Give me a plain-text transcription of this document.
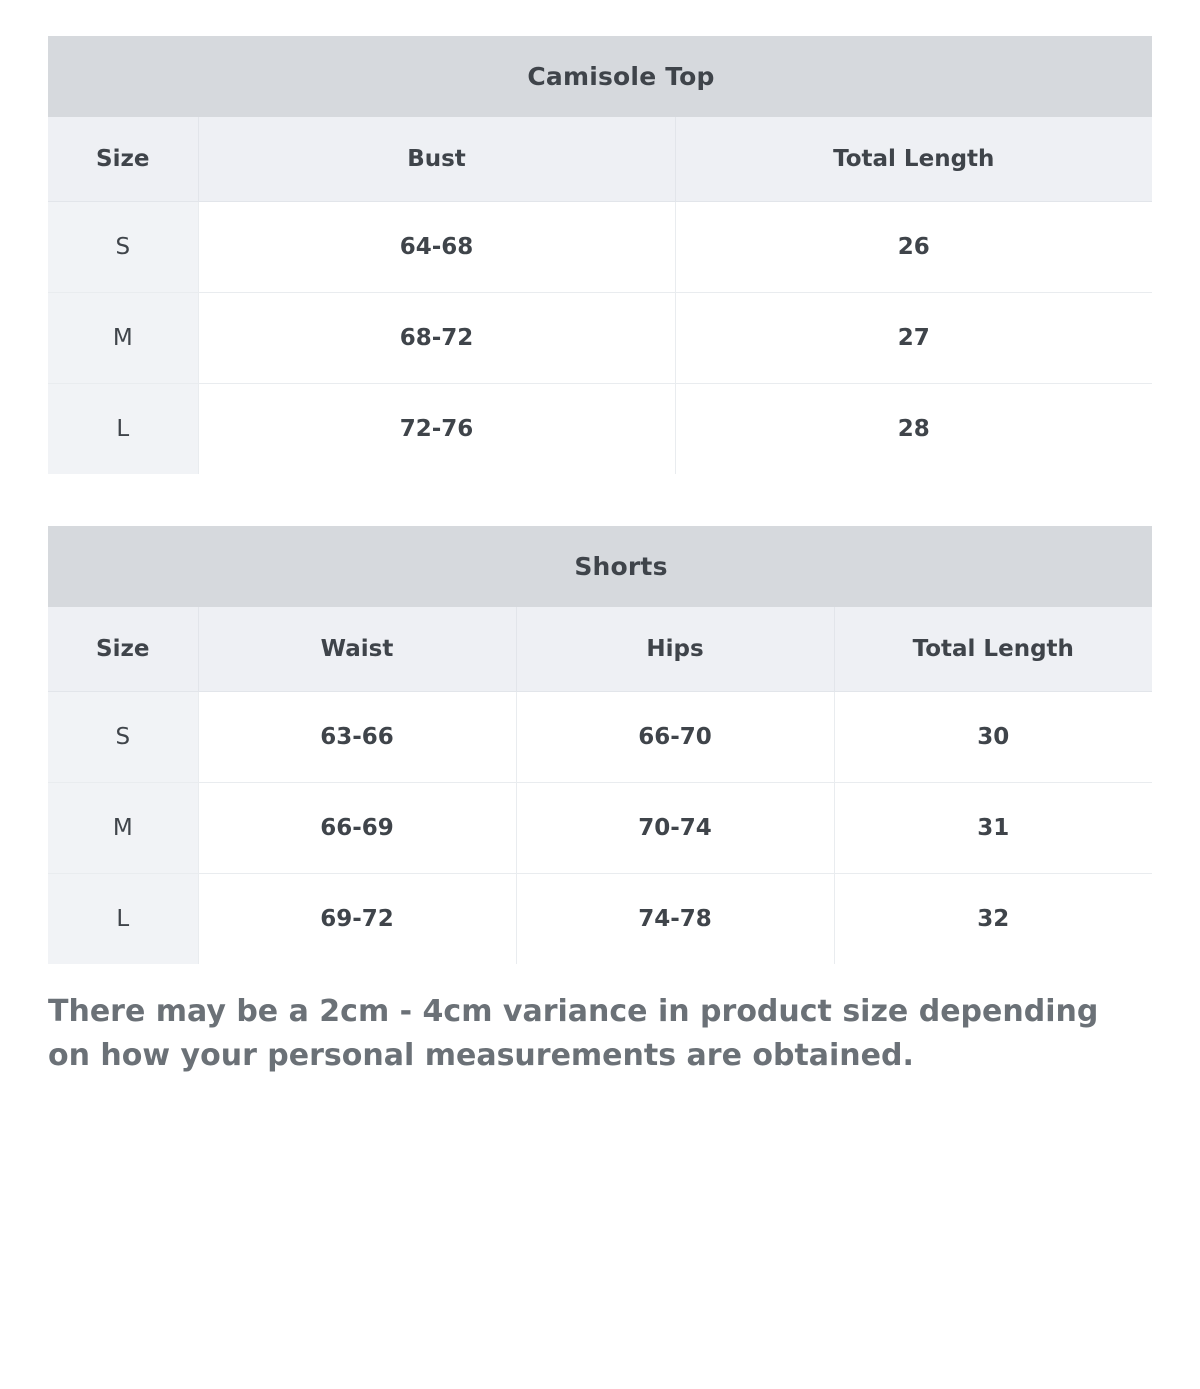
Camisole Top		
Size	Bust	Total Length
S	64-68	26
M	68-72	27
L	72-76	28
Shorts			
Size	Waist	Hips	Total Length
S	63-66	66-70	30
M	66-69	70-74	31
L	69-72	74-78	32

There may be a 2cm - 4cm variance in product size depending on how your personal measurements are obtained.
